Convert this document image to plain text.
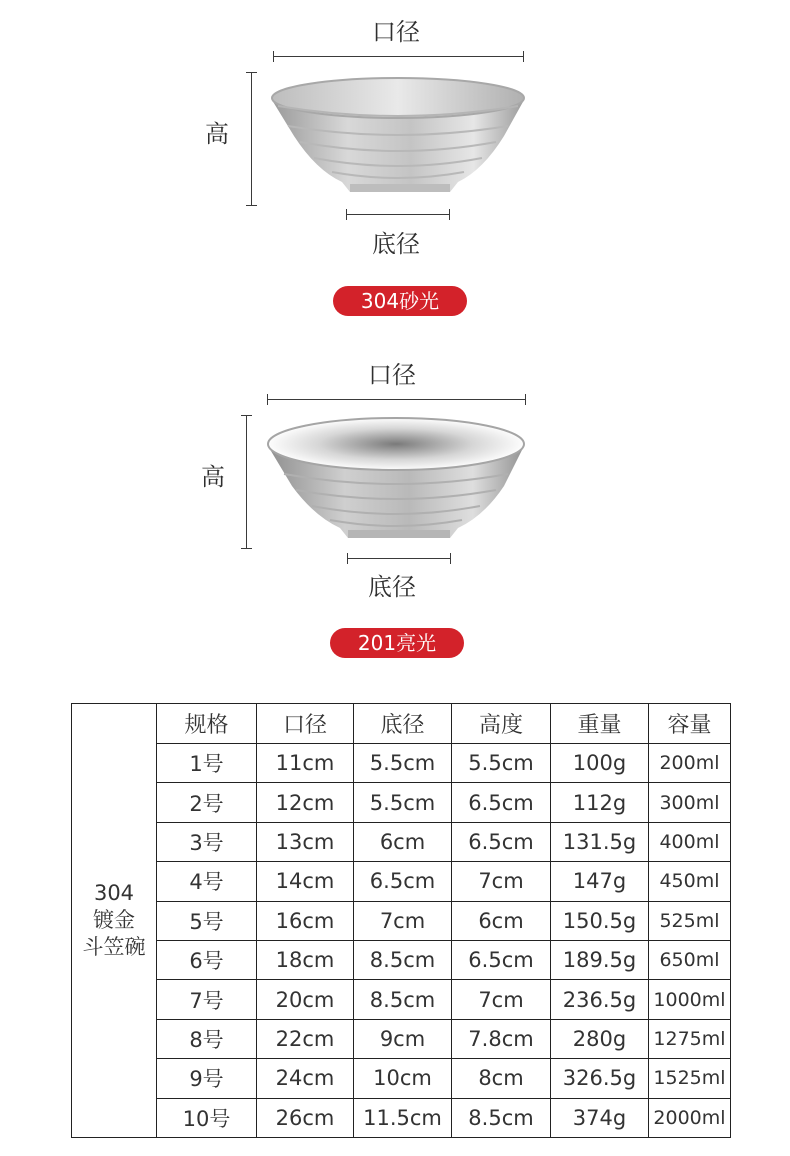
口径
高
底径
304砂光
口径
高
底径
201亮光
304
镀金
斗笠碗	规格	口径	底径	高度	重量	容量
	1号	11cm	5.5cm	5.5cm	100g	200ml
	2号	12cm	5.5cm	6.5cm	112g	300ml
	3号	13cm	6cm	6.5cm	131.5g	400ml
	4号	14cm	6.5cm	7cm	147g	450ml
	5号	16cm	7cm	6cm	150.5g	525ml
	6号	18cm	8.5cm	6.5cm	189.5g	650ml
	7号	20cm	8.5cm	7cm	236.5g	1000ml
	8号	22cm	9cm	7.8cm	280g	1275ml
	9号	24cm	10cm	8cm	326.5g	1525ml
	10号	26cm	11.5cm	8.5cm	374g	2000ml
